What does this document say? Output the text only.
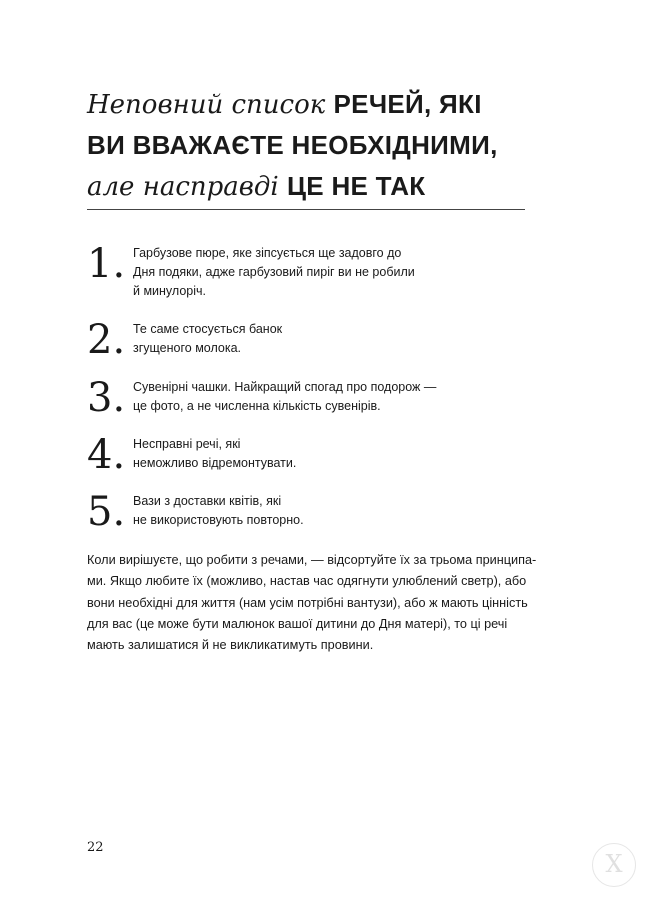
Неповний список РЕЧЕЙ, ЯКІ
ВИ ВВАЖАЄТЕ НЕОБХІДНИМИ,
але насправді ЦЕ НЕ ТАК
1. Гарбузове пюре, яке зіпсується ще задовго до
Дня подяки, адже гарбузовий пиріг ви не робили
й минулоріч.
2. Те саме стосується банок
згущеного молока.
3. Сувенірні чашки. Найкращий спогад про подорож —
це фото, а не численна кількість сувенірів.
4. Несправні речі, які
неможливо відремонтувати.
5. Вази з доставки квітів, які
не використовують повторно.
Коли вирішуєте, що робити з речами, — відсортуйте їх за трьома принципа-
ми. Якщо любите їх (можливо, настав час одягнути улюблений светр), або
вони необхідні для життя (нам усім потрібні вантузи), або ж мають цінність
для вас (це може бути малюнок вашої дитини до Дня матері), то ці речі
мають залишатися й не викликатимуть провини.
22
X
